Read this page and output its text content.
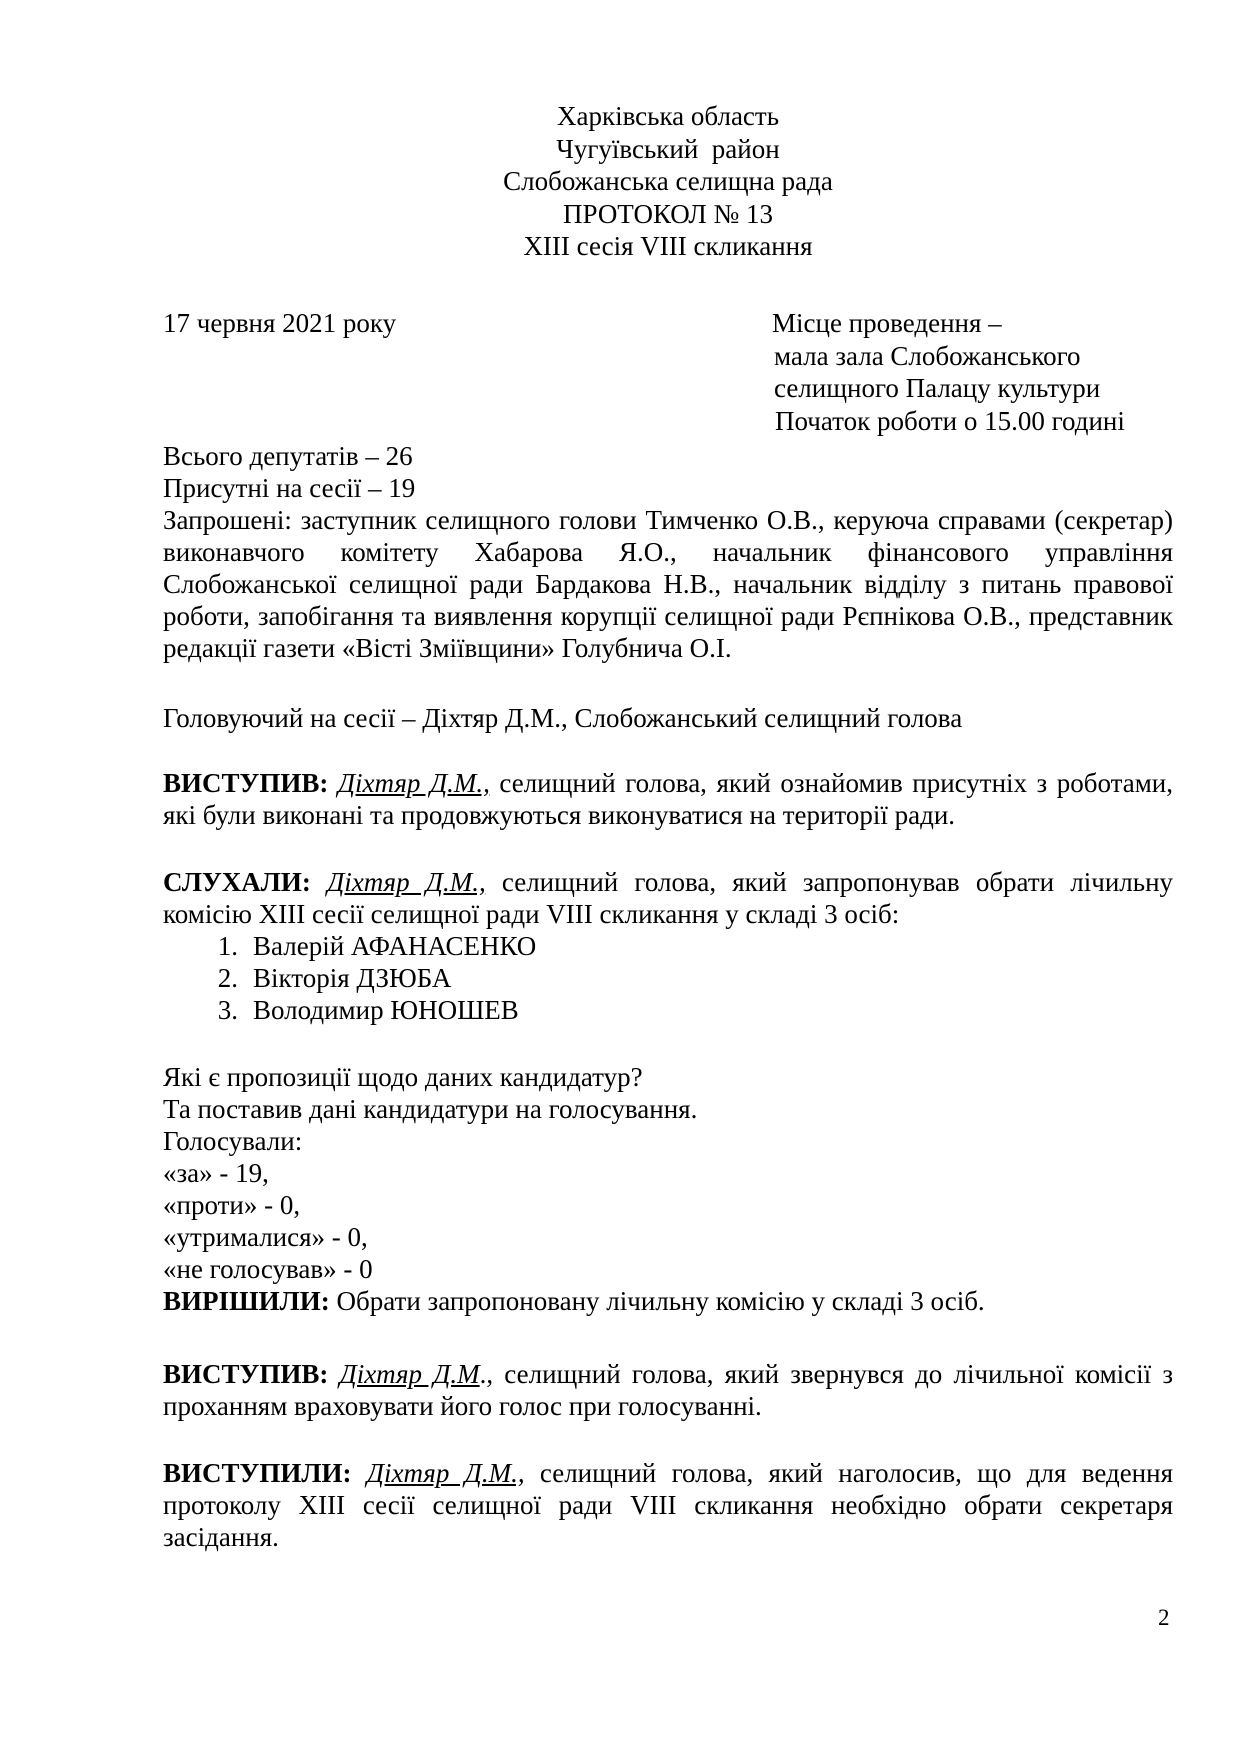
Харківська область
Чугуївський  район
Слобожанська селищна рада
ПРОТОКОЛ № 13
XIII сесія VIII скликання
17 червня 2021 року	Місце проведення –
мала зала Слобожанського
селищного Палацу культури
Початок роботи о 15.00 годині
Всього депутатів – 26
Присутні на сесії – 19
Запрошені: заступник селищного голови Тимченко О.В., керуюча справами (секретар) виконавчого комітету Хабарова Я.О., начальник фінансового управління Слобожанської селищної ради Бардакова Н.В., начальник відділу з питань правової роботи, запобігання та виявлення корупції селищної ради Рєпнікова О.В., представник редакції газети «Вісті Зміївщини» Голубнича О.І.
Головуючий на сесії – Діхтяр Д.М., Слобожанський селищний голова
ВИСТУПИВ: Діхтяр Д.М., селищний голова, який ознайомив присутніх з роботами, які були виконані та продовжуються виконуватися на території ради.
СЛУХАЛИ: Діхтяр Д.М., селищний голова, який запропонував обрати лічильну комісію XIII сесії селищної ради VIII скликання у складі 3 осіб:
1. Валерій АФАНАСЕНКО
2. Вікторія ДЗЮБА
3. Володимир ЮНОШЕВ
Які є пропозиції щодо даних кандидатур?
Та поставив дані кандидатури на голосування.
Голосували:
«за» - 19,
«проти» - 0,
«утрималися» - 0,
«не голосував» - 0
ВИРІШИЛИ: Обрати запропоновану лічильну комісію у складі 3 осіб.
ВИСТУПИВ: Діхтяр Д.М., селищний голова, який звернувся до лічильної комісії з проханням враховувати його голос при голосуванні.
ВИСТУПИЛИ: Діхтяр Д.М., селищний голова, який наголосив, що для ведення протоколу XIII сесії селищної ради VIII скликання необхідно обрати секретаря засідання.
2
